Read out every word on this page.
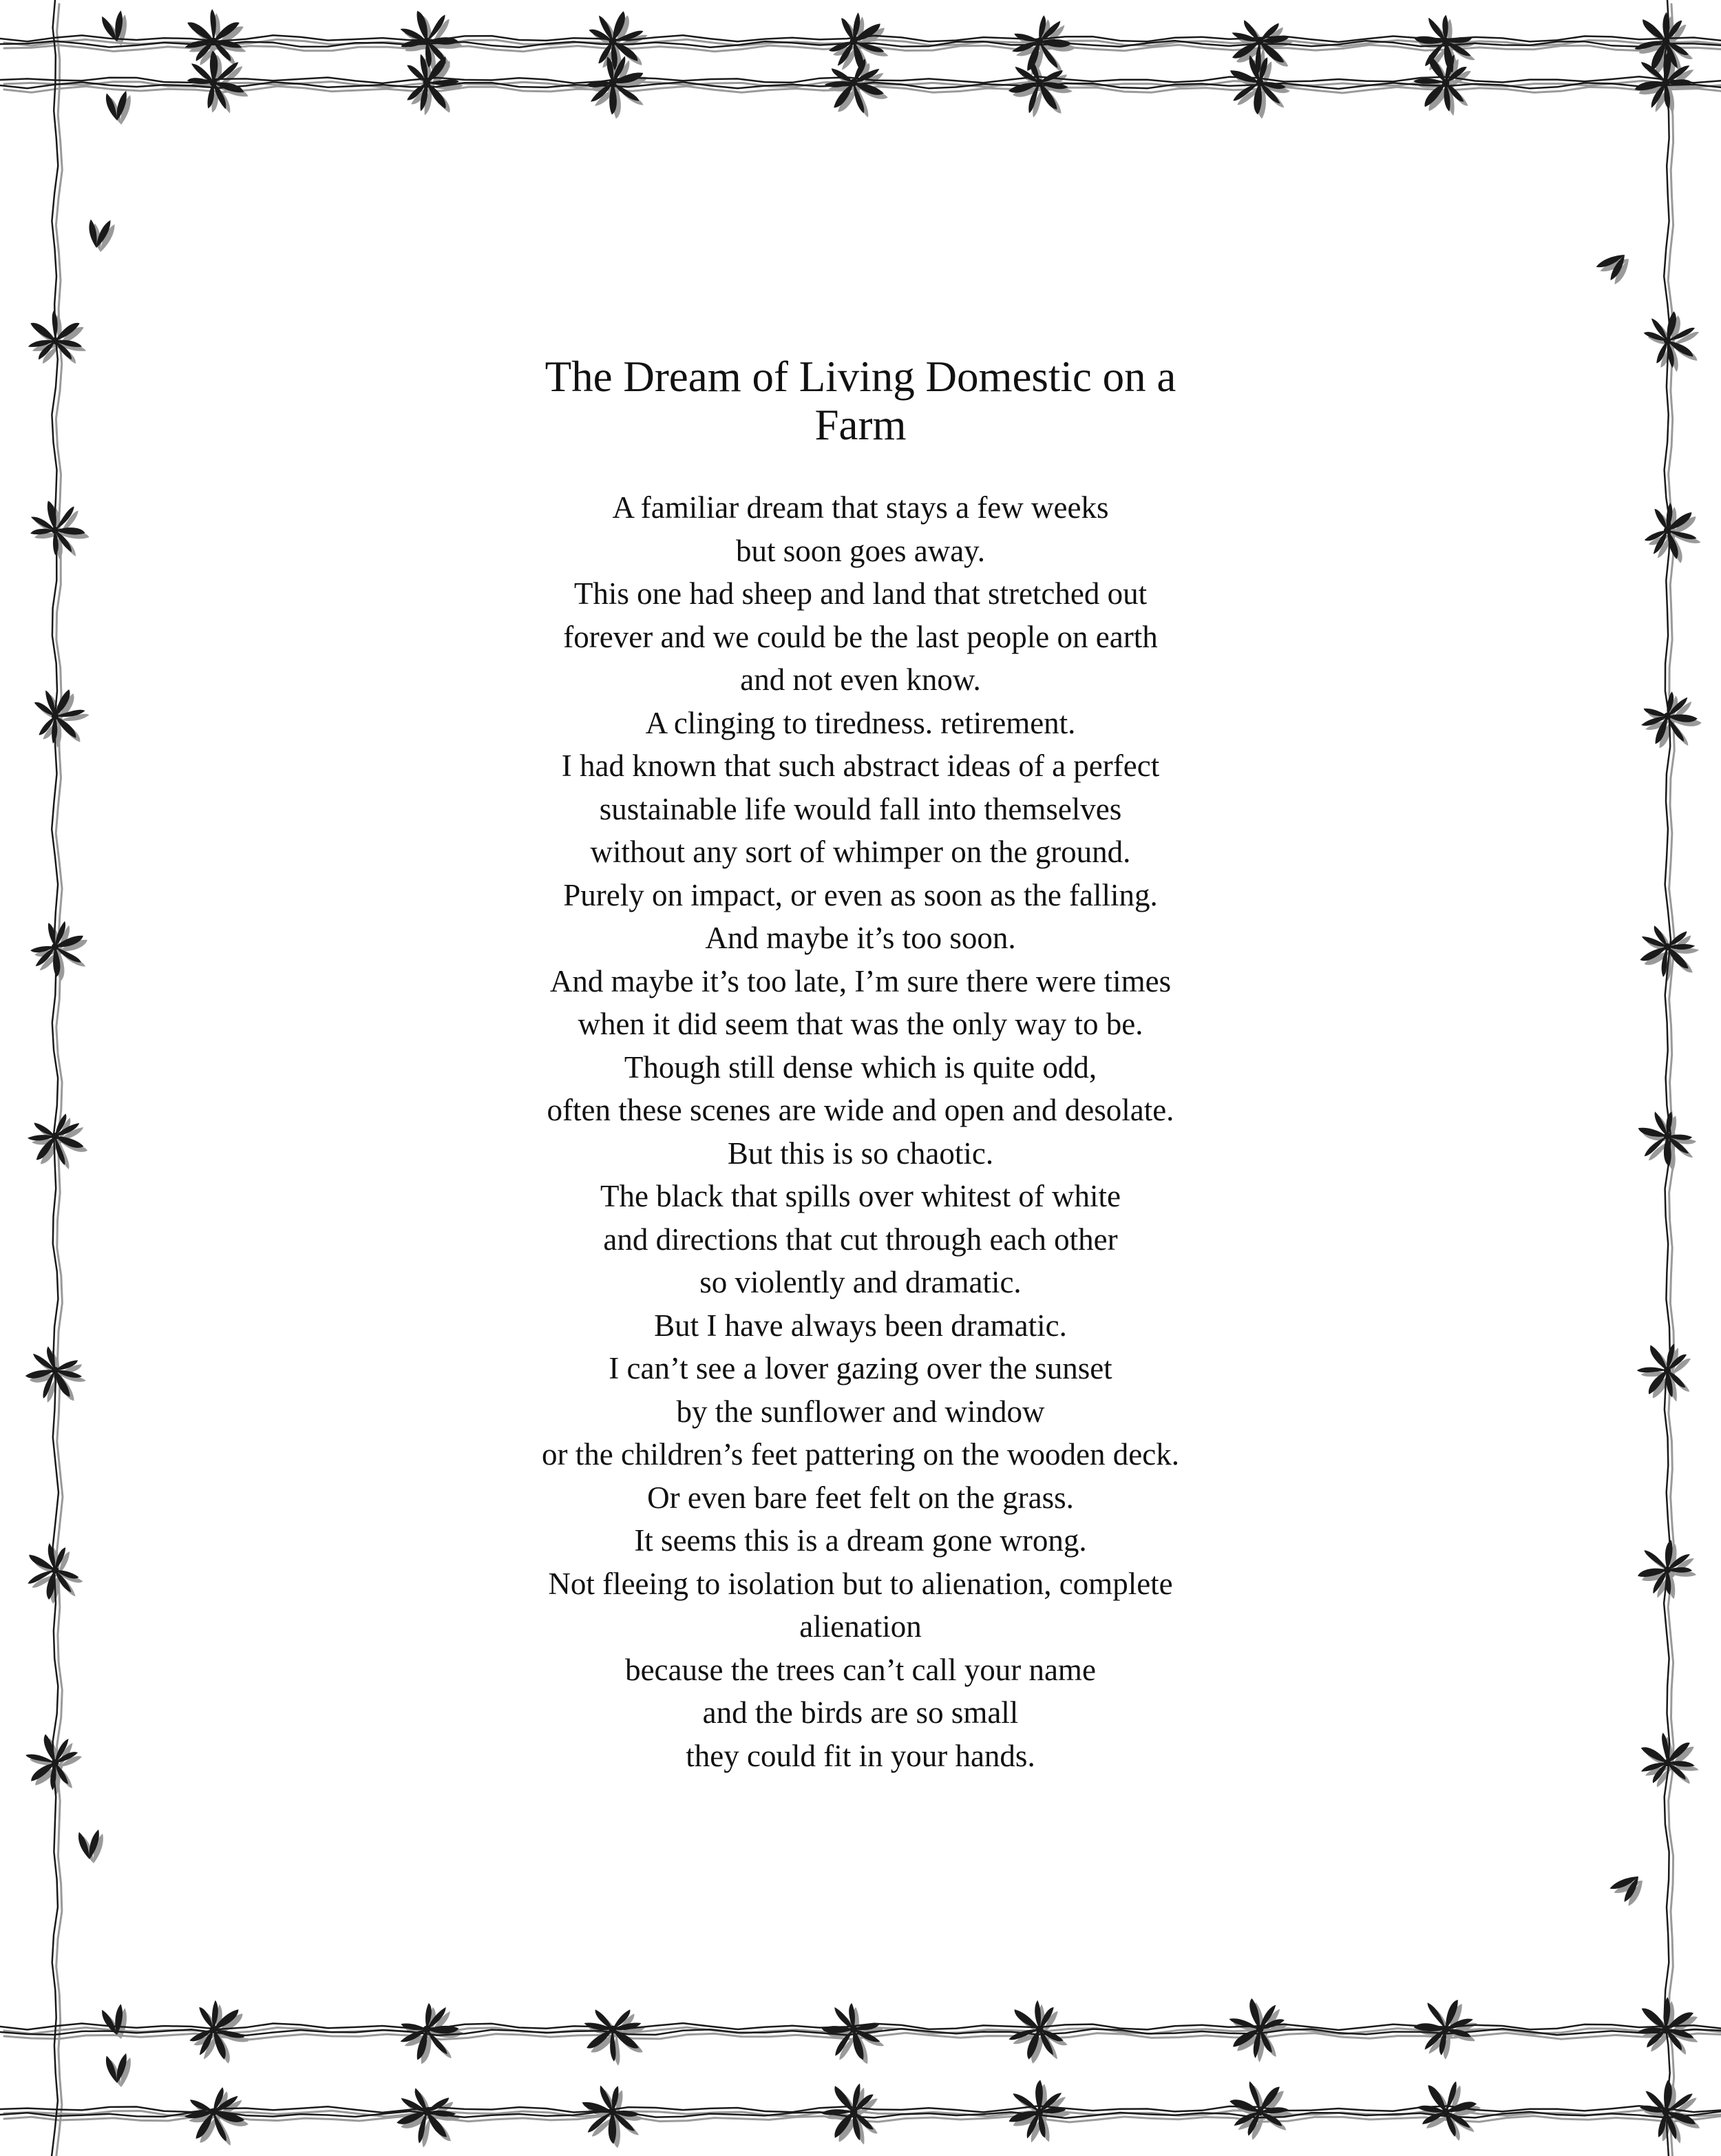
The Dream of Living Domestic on a Farm
A familiar dream that stays a few weeks
but soon goes away.
This one had sheep and land that stretched out
forever and we could be the last people on earth
and not even know.
A clinging to tiredness. retirement.
I had known that such abstract ideas of a perfect
sustainable life would fall into themselves
without any sort of whimper on the ground.
Purely on impact, or even as soon as the falling.
And maybe it’s too soon.
And maybe it’s too late, I’m sure there were times
when it did seem that was the only way to be.
Though still dense which is quite odd,
often these scenes are wide and open and desolate.
But this is so chaotic.
The black that spills over whitest of white
and directions that cut through each other
so violently and dramatic.
But I have always been dramatic.
I can’t see a lover gazing over the sunset
by the sunflower and window
or the children’s feet pattering on the wooden deck.
Or even bare feet felt on the grass.
It seems this is a dream gone wrong.
Not fleeing to isolation but to alienation, complete
alienation
because the trees can’t call your name
and the birds are so small
they could fit in your hands.
